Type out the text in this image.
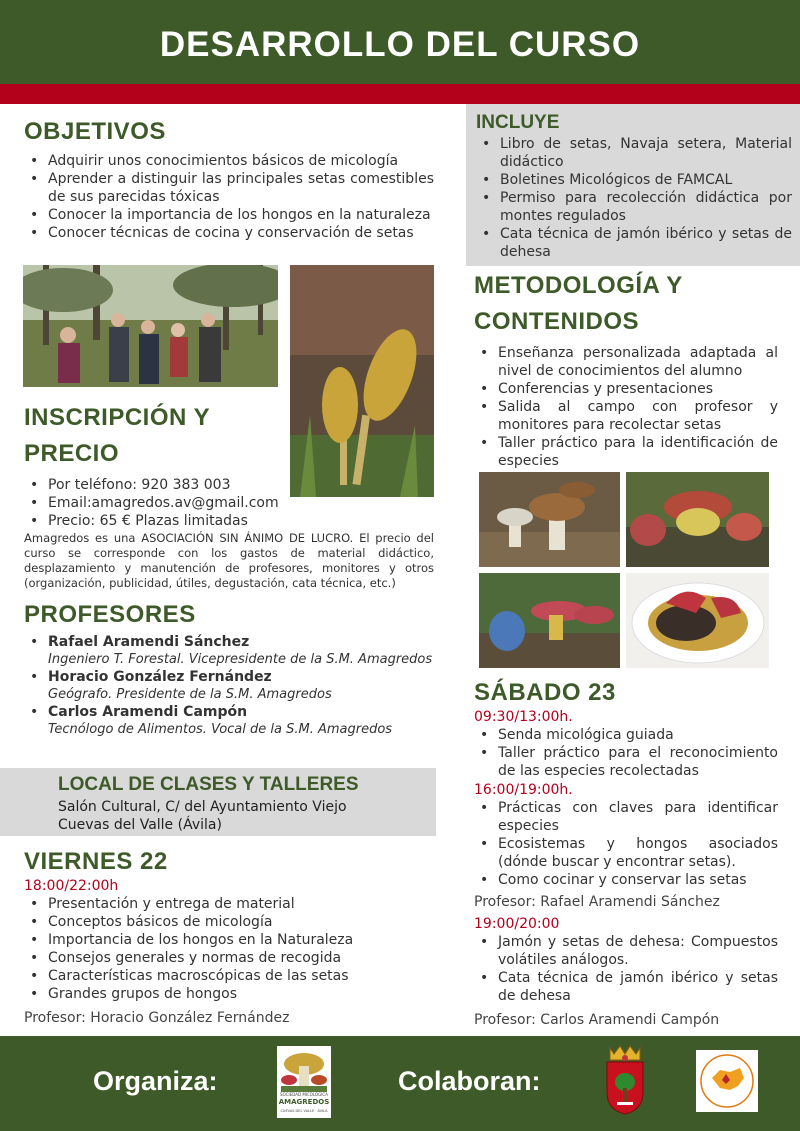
DESARROLLO DEL CURSO
OBJETIVOS
• Adquirir unos conocimientos básicos de micología
• Aprender a distinguir las principales setas comestibles de sus parecidas tóxicas
• Conocer la importancia de los hongos en la naturaleza
• Conocer técnicas de cocina y conservación de setas
INSCRIPCIÓN Y
PRECIO
• Por teléfono: 920 383 003
• Email:amagredos.av@gmail.com
• Precio: 65 € Plazas limitadas
Amagredos es una ASOCIACIÓN SIN ÁNIMO DE LUCRO. El precio del curso se corresponde con los gastos de material didáctico, desplazamiento y manutención de profesores, monitores y otros (organización, publicidad, útiles, degustación, cata técnica, etc.)
PROFESORES
• Rafael Aramendi Sánchez
Ingeniero T. Forestal. Vicepresidente de la S.M. Amagredos
• Horacio González Fernández
Geógrafo. Presidente de la S.M. Amagredos
• Carlos Aramendi Campón
Tecnólogo de Alimentos. Vocal de la S.M. Amagredos
LOCAL DE CLASES Y TALLERES
Salón Cultural, C/ del Ayuntamiento Viejo
Cuevas del Valle (Ávila)
VIERNES 22
18:00/22:00h
• Presentación y entrega de material
• Conceptos básicos de micología
• Importancia de los hongos en la Naturaleza
• Consejos generales y normas de recogida
• Características macroscópicas de las setas
• Grandes grupos de hongos
Profesor: Horacio González Fernández
INCLUYE
• Libro de setas, Navaja setera, Material didáctico
• Boletines Micológicos de FAMCAL
• Permiso para recolección didáctica por montes regulados
• Cata técnica de jamón ibérico y setas de dehesa
METODOLOGÍA Y
CONTENIDOS
• Enseñanza personalizada adaptada al nivel de conocimientos del alumno
• Conferencias y presentaciones
• Salida al campo con profesor y monitores para recolectar setas
• Taller práctico para la identificación de especies
SÁBADO 23
09:30/13:00h.
• Senda micológica guiada
• Taller práctico para el reconocimiento de las especies recolectadas
16:00/19:00h.
• Prácticas con claves para identificar especies
• Ecosistemas y hongos asociados (dónde buscar y encontrar setas).
• Como cocinar y conservar las setas
Profesor: Rafael Aramendi Sánchez
19:00/20:00
• Jamón y setas de dehesa: Compuestos volátiles análogos.
• Cata técnica de jamón ibérico y setas de dehesa
Profesor: Carlos Aramendi Campón
Organiza:	SOCIEDAD MICOLÓGICA
AMAGREDOS
CUEVAS DEL VALLE · ÁVILA
Colaboran:
